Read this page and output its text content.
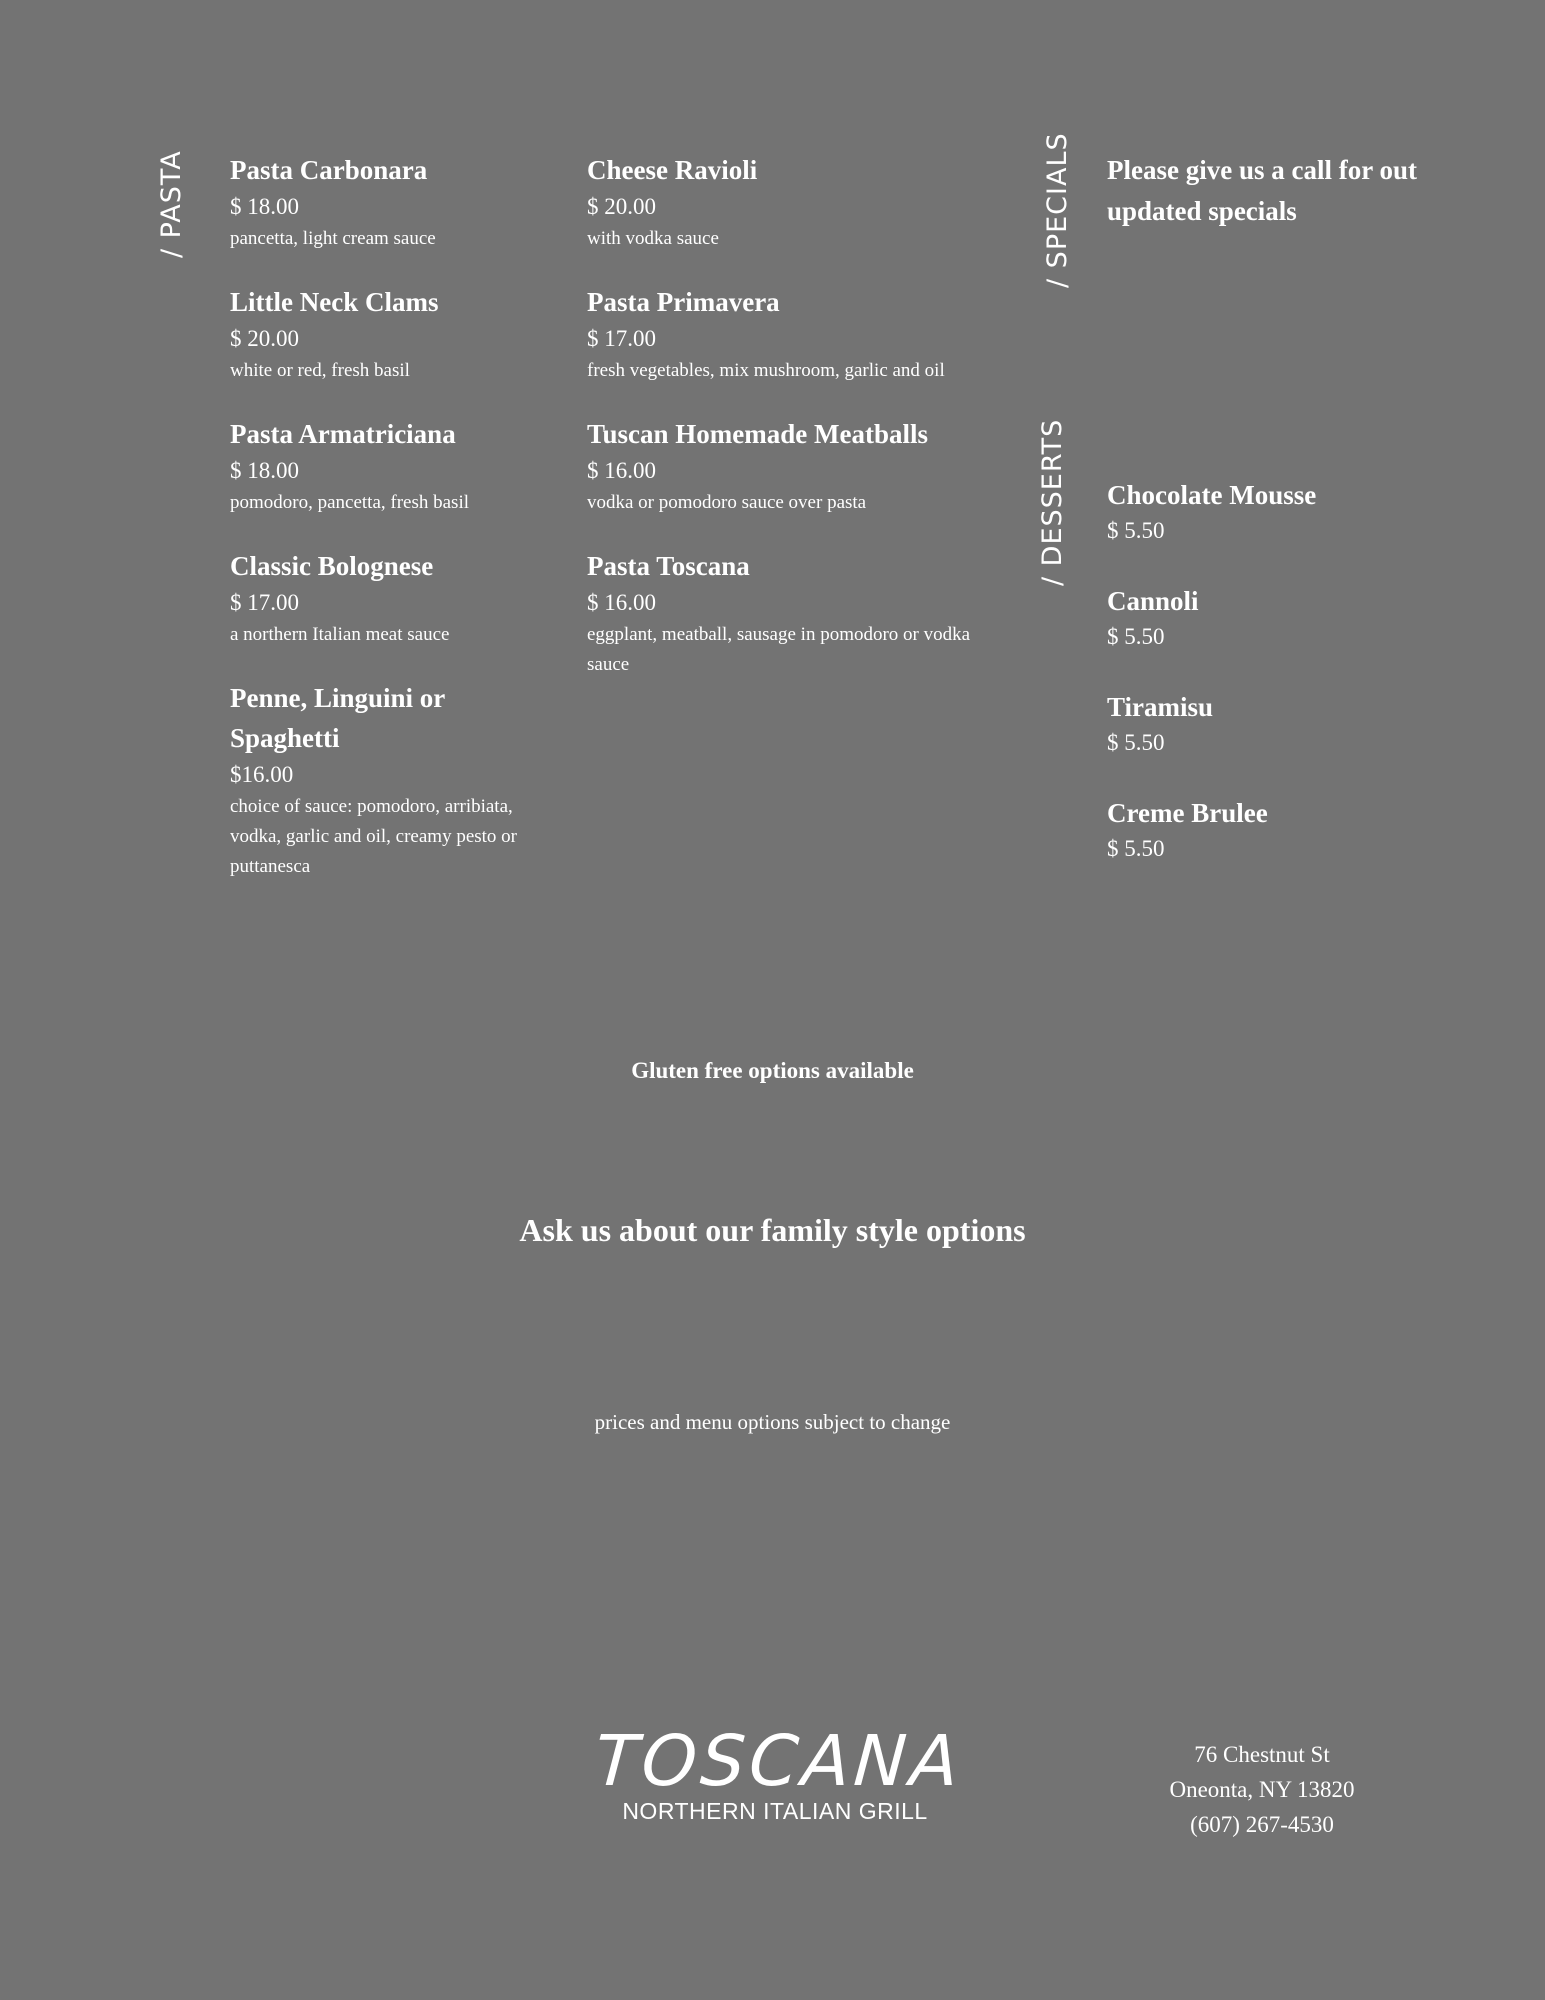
/ PASTA	/ SPECIALS
/ DESSERTS
Pasta Carbonara
$ 18.00
pancetta, light cream sauce
Little Neck Clams
$ 20.00
white or red, fresh basil
Pasta Armatriciana
$ 18.00
pomodoro, pancetta, fresh basil
Classic Bolognese
$ 17.00
a northern Italian meat sauce
Penne, Linguini or Spaghetti
$16.00
choice of sauce: pomodoro, arribiata, vodka, garlic and oil, creamy pesto or puttanesca
Cheese Ravioli
$ 20.00
with vodka sauce
Pasta Primavera
$ 17.00
fresh vegetables, mix mushroom, garlic and oil
Tuscan Homemade Meatballs
$ 16.00
vodka or pomodoro sauce over pasta
Pasta Toscana
$ 16.00
eggplant, meatball, sausage in pomodoro or vodka sauce
Please give us a call for out updated specials
Chocolate Mousse
$ 5.50
Cannoli
$ 5.50
Tiramisu
$ 5.50
Creme Brulee
$ 5.50
Gluten free options available
Ask us about our family style options
prices and menu options subject to change
TOSCANA
NORTHERN ITALIAN GRILL
76 Chestnut St
Oneonta, NY 13820
(607) 267-4530
